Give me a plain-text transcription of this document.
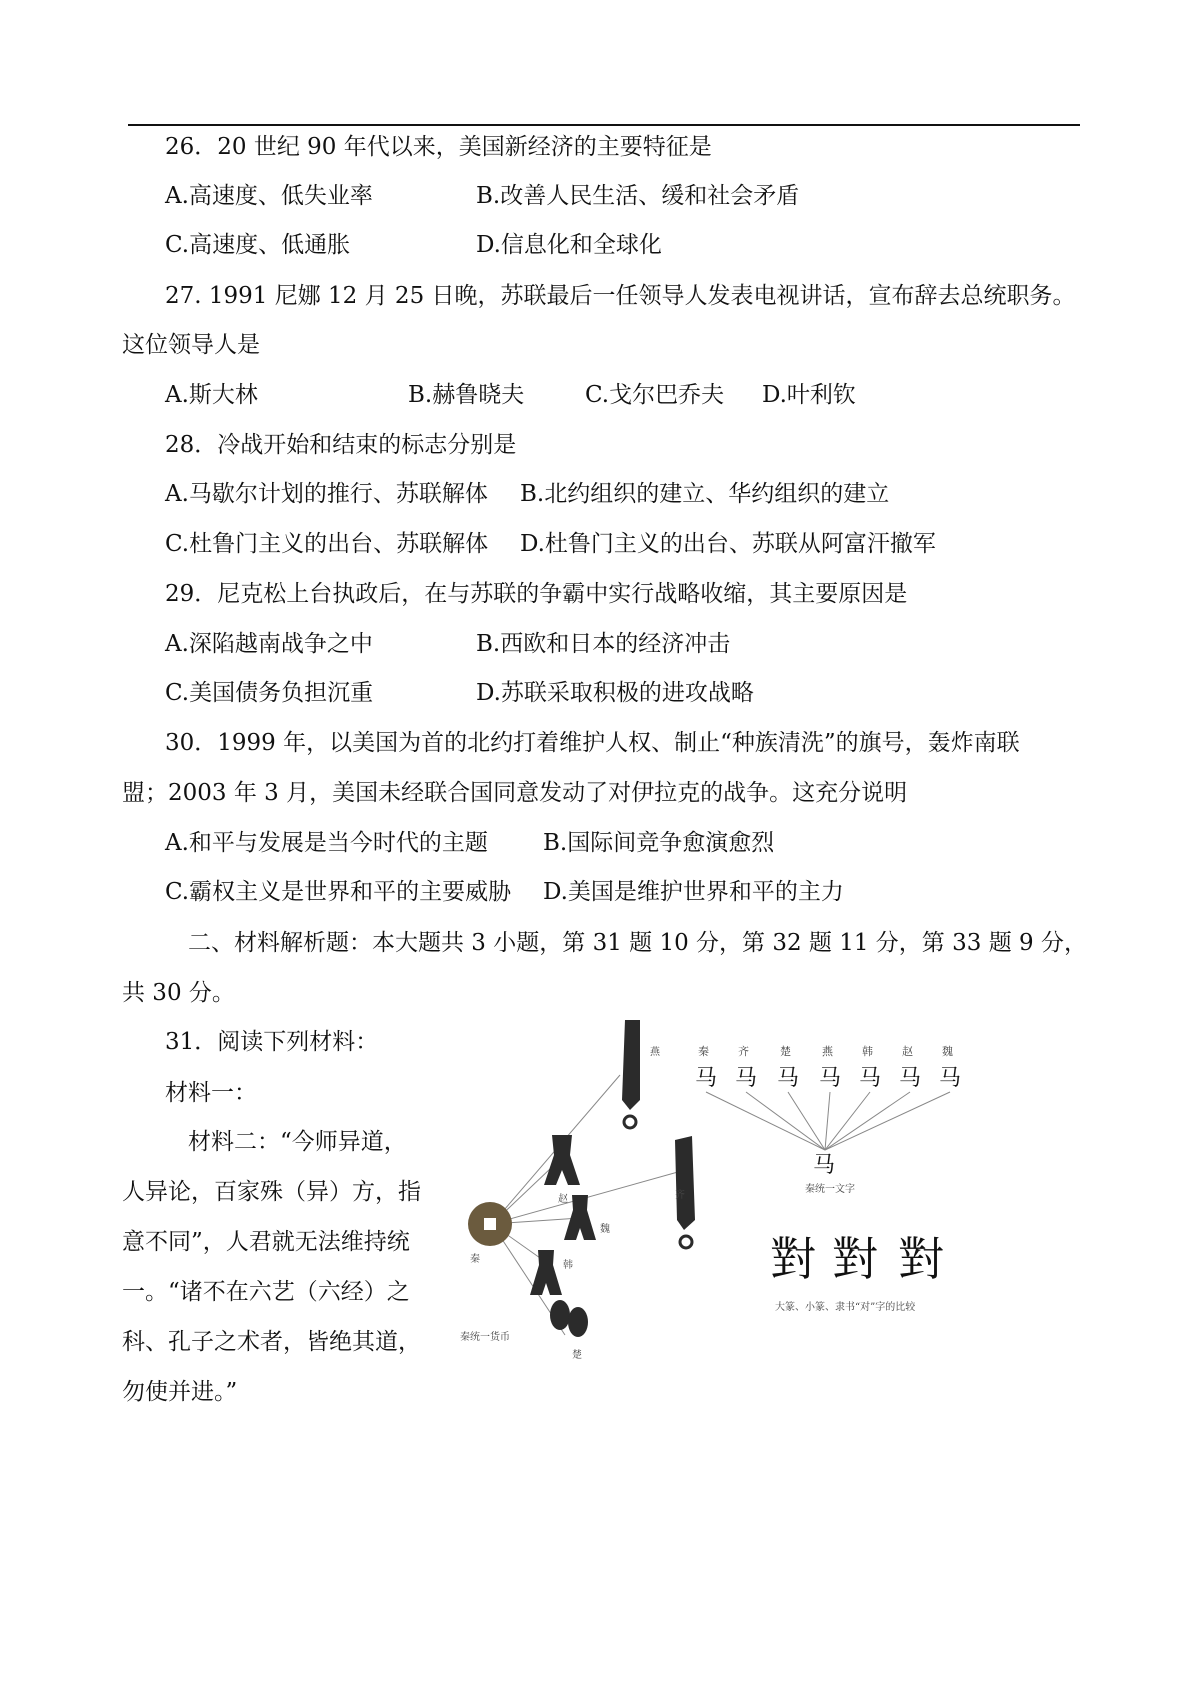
26．20 世纪 90 年代以来，美国新经济的主要特征是
A.高速度、低失业率	B.改善人民生活、缓和社会矛盾
C.高速度、低通胀	D.信息化和全球化
27. 1991 尼娜 12 月 25 日晚，苏联最后一任领导人发表电视讲话，宣布辞去总统职务。
这位领导人是
A.斯大林	B.赫鲁晓夫	C.戈尔巴乔夫 D.叶利钦
28．冷战开始和结束的标志分别是
A.马歇尔计划的推行、苏联解体 B.北约组织的建立、华约组织的建立
C.杜鲁门主义的出台、苏联解体 D.杜鲁门主义的出台、苏联从阿富汗撤军
29．尼克松上台执政后，在与苏联的争霸中实行战略收缩，其主要原因是
A.深陷越南战争之中	B.西欧和日本的经济冲击
C.美国债务负担沉重	D.苏联采取积极的进攻战略
30．1999 年，以美国为首的北约打着维护人权、制止“种族清洗”的旗号，轰炸南联
盟；2003 年 3 月，美国未经联合国同意发动了对伊拉克的战争。这充分说明
A.和平与发展是当今时代的主题 B.国际间竞争愈演愈烈
C.霸权主义是世界和平的主要威胁 D.美国是维护世界和平的主力
二、材料解析题：本大题共 3 小题，第 31 题 10 分，第 32 题 11 分，第 33 题 9 分，
共 30 分。
31．阅读下列材料：
材料一：
材料二：“今师异道，
人异论，百家殊（异）方，指
意不同”，人君就无法维持统
一。“诸不在六艺（六经）之
科、孔子之术者，皆绝其道，
勿使并进。”
秦
燕
赵	齐
魏
韩
楚
秦统一货币
秦	齐	楚	燕	韩	赵	魏
马 马 马 马 马 马 马
马
秦统一文字
對 對 對
大篆、小篆、隶书“对”字的比较
